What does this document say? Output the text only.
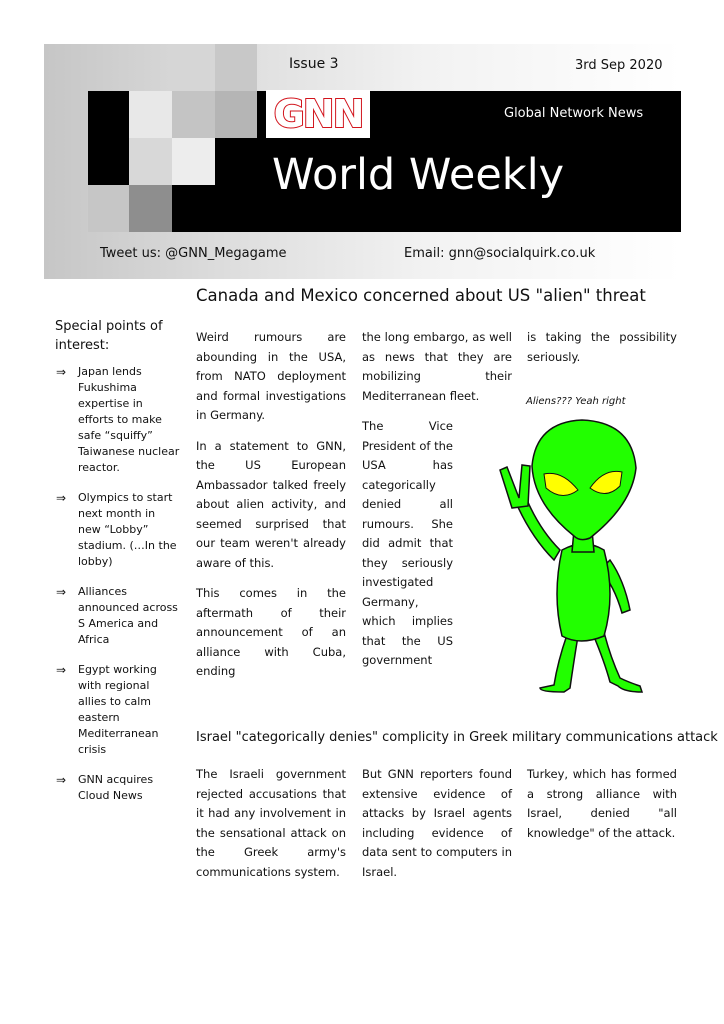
Issue 3	3rd Sep 2020
GNN	Global Network News
World Weekly
Tweet us: @GNN_Megagame	Email: gnn@socialquirk.co.uk
Special points of interest:
⇒ Japan lends Fukushima expertise in efforts to make safe “squiffy” Taiwanese nuclear reactor.
⇒ Olympics to start next month in new “Lobby” stadium. (…In the lobby)
⇒ Alliances announced across S America and Africa
⇒ Egypt working with regional allies to calm eastern Mediterranean crisis
⇒ GNN acquires Cloud News
Canada and Mexico concerned about US "alien" threat

Weird rumours are abounding in the USA, from NATO deployment and formal investigations in Germany.

In a statement to GNN, the US European Ambassador talked freely about alien activity, and seemed surprised that our team weren't already aware of this.

This comes in the aftermath of their announcement of an alliance with Cuba, ending

the long embargo, as well as news that they are mobilizing their Mediterranean fleet.

The Vice President of the USA has categorically denied all rumours. She did admit that they seriously investigated Germany, which implies that the US government

is taking the possibility seriously.

Aliens??? Yeah right
Israel "categorically denies" complicity in Greek military communications attack

The Israeli government rejected accusations that it had any involvement in the sensational attack on the Greek army's communications system.

But GNN reporters found extensive evidence of attacks by Israel agents including evidence of data sent to computers in Israel.

Turkey, which has formed a strong alliance with Israel, denied "all knowledge" of the attack.
